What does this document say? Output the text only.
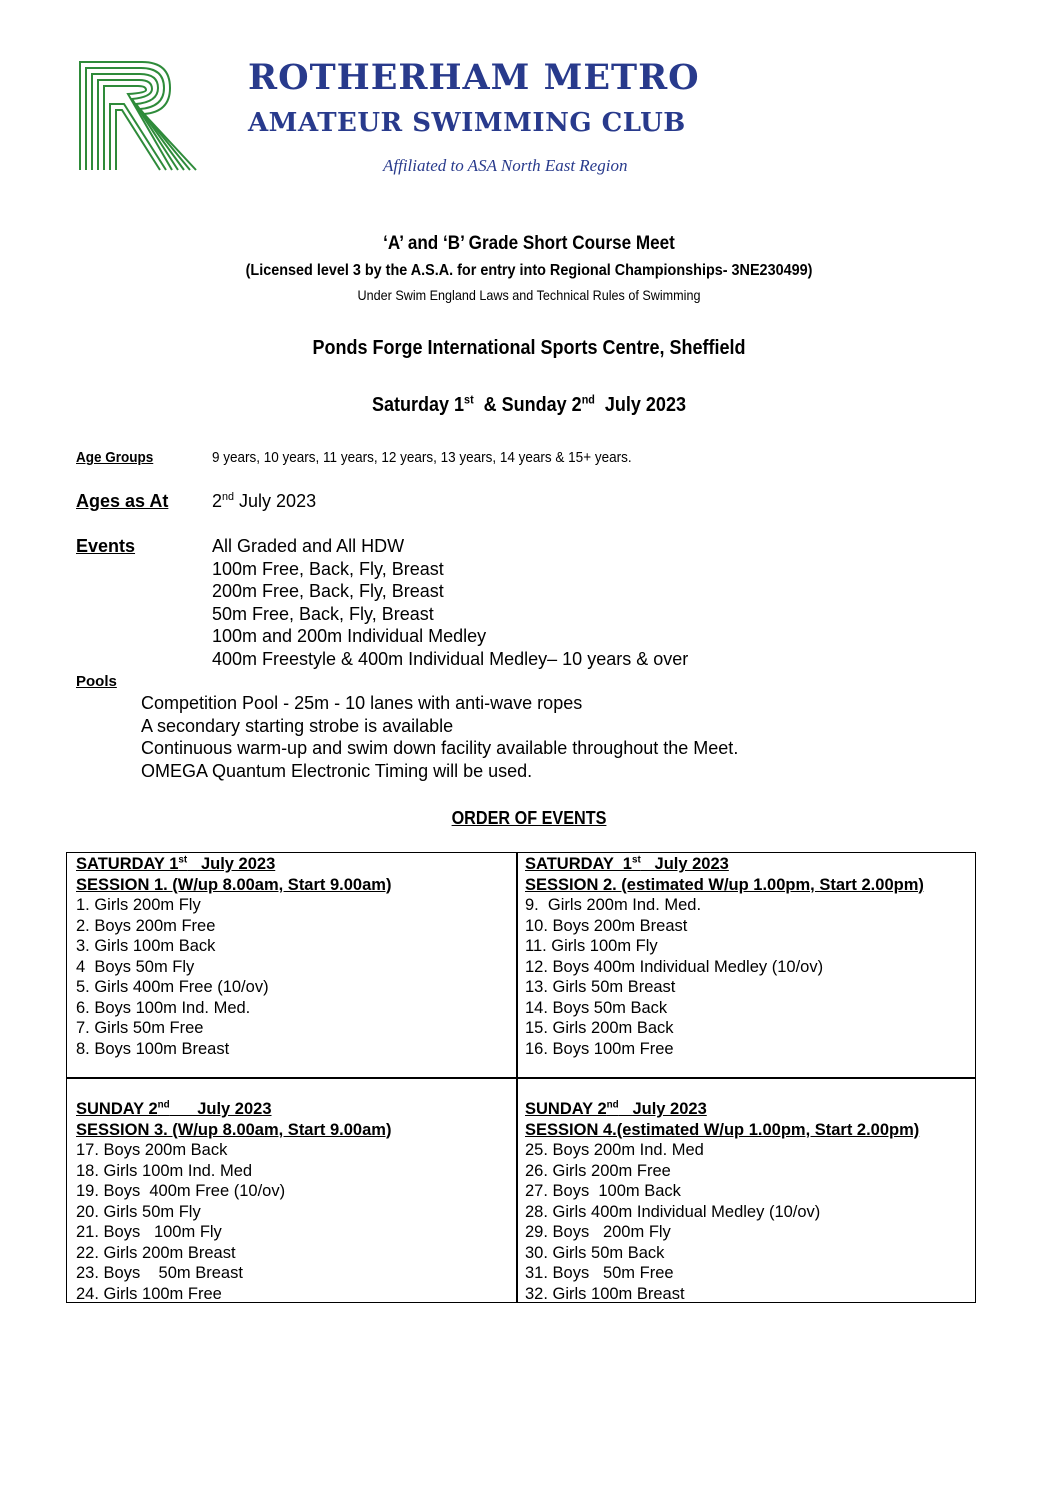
ROTHERHAM METRO
AMATEUR SWIMMING CLUB
Affiliated to ASA North East Region
‘A’ and ‘B’ Grade Short Course Meet
(Licensed level 3 by the A.S.A. for entry into Regional Championships- 3NE230499)
Under Swim England Laws and Technical Rules of Swimming
Ponds Forge International Sports Centre, Sheffield
Saturday 1st  & Sunday 2nd  July 2023
Age Groups	9 years, 10 years, 11 years, 12 years, 13 years, 14 years & 15+ years.
Ages as At 2nd July 2023
Events	All Graded and All HDW
100m Free, Back, Fly, Breast
200m Free, Back, Fly, Breast
50m Free, Back, Fly, Breast
100m and 200m Individual Medley
400m Freestyle & 400m Individual Medley– 10 years & over
Pools
Competition Pool - 25m - 10 lanes with anti-wave ropes
A secondary starting strobe is available
Continuous warm-up and swim down facility available throughout the Meet.
OMEGA Quantum Electronic Timing will be used.
ORDER OF EVENTS
SATURDAY 1st   July 2023
SESSION 1. (W/up 8.00am, Start 9.00am)
1. Girls 200m Fly
2. Boys 200m Free
3. Girls 100m Back
4  Boys 50m Fly
5. Girls 400m Free (10/ov)
6. Boys 100m Ind. Med.
7. Girls 50m Free
8. Boys 100m Breast
SATURDAY  1st   July 2023
SESSION 2. (estimated W/up 1.00pm, Start 2.00pm)
9.  Girls 200m Ind. Med.
10. Boys 200m Breast
11. Girls 100m Fly
12. Boys 400m Individual Medley (10/ov)
13. Girls 50m Breast
14. Boys 50m Back
15. Girls 200m Back
16. Boys 100m Free
SUNDAY 2nd      July 2023
SESSION 3. (W/up 8.00am, Start 9.00am)
17. Boys 200m Back
18. Girls 100m Ind. Med
19. Boys  400m Free (10/ov)
20. Girls 50m Fly
21. Boys   100m Fly
22. Girls 200m Breast
23. Boys    50m Breast
24. Girls 100m Free
SUNDAY 2nd   July 2023
SESSION 4.(estimated W/up 1.00pm, Start 2.00pm)
25. Boys 200m Ind. Med
26. Girls 200m Free
27. Boys  100m Back
28. Girls 400m Individual Medley (10/ov)
29. Boys   200m Fly
30. Girls 50m Back
31. Boys   50m Free
32. Girls 100m Breast
